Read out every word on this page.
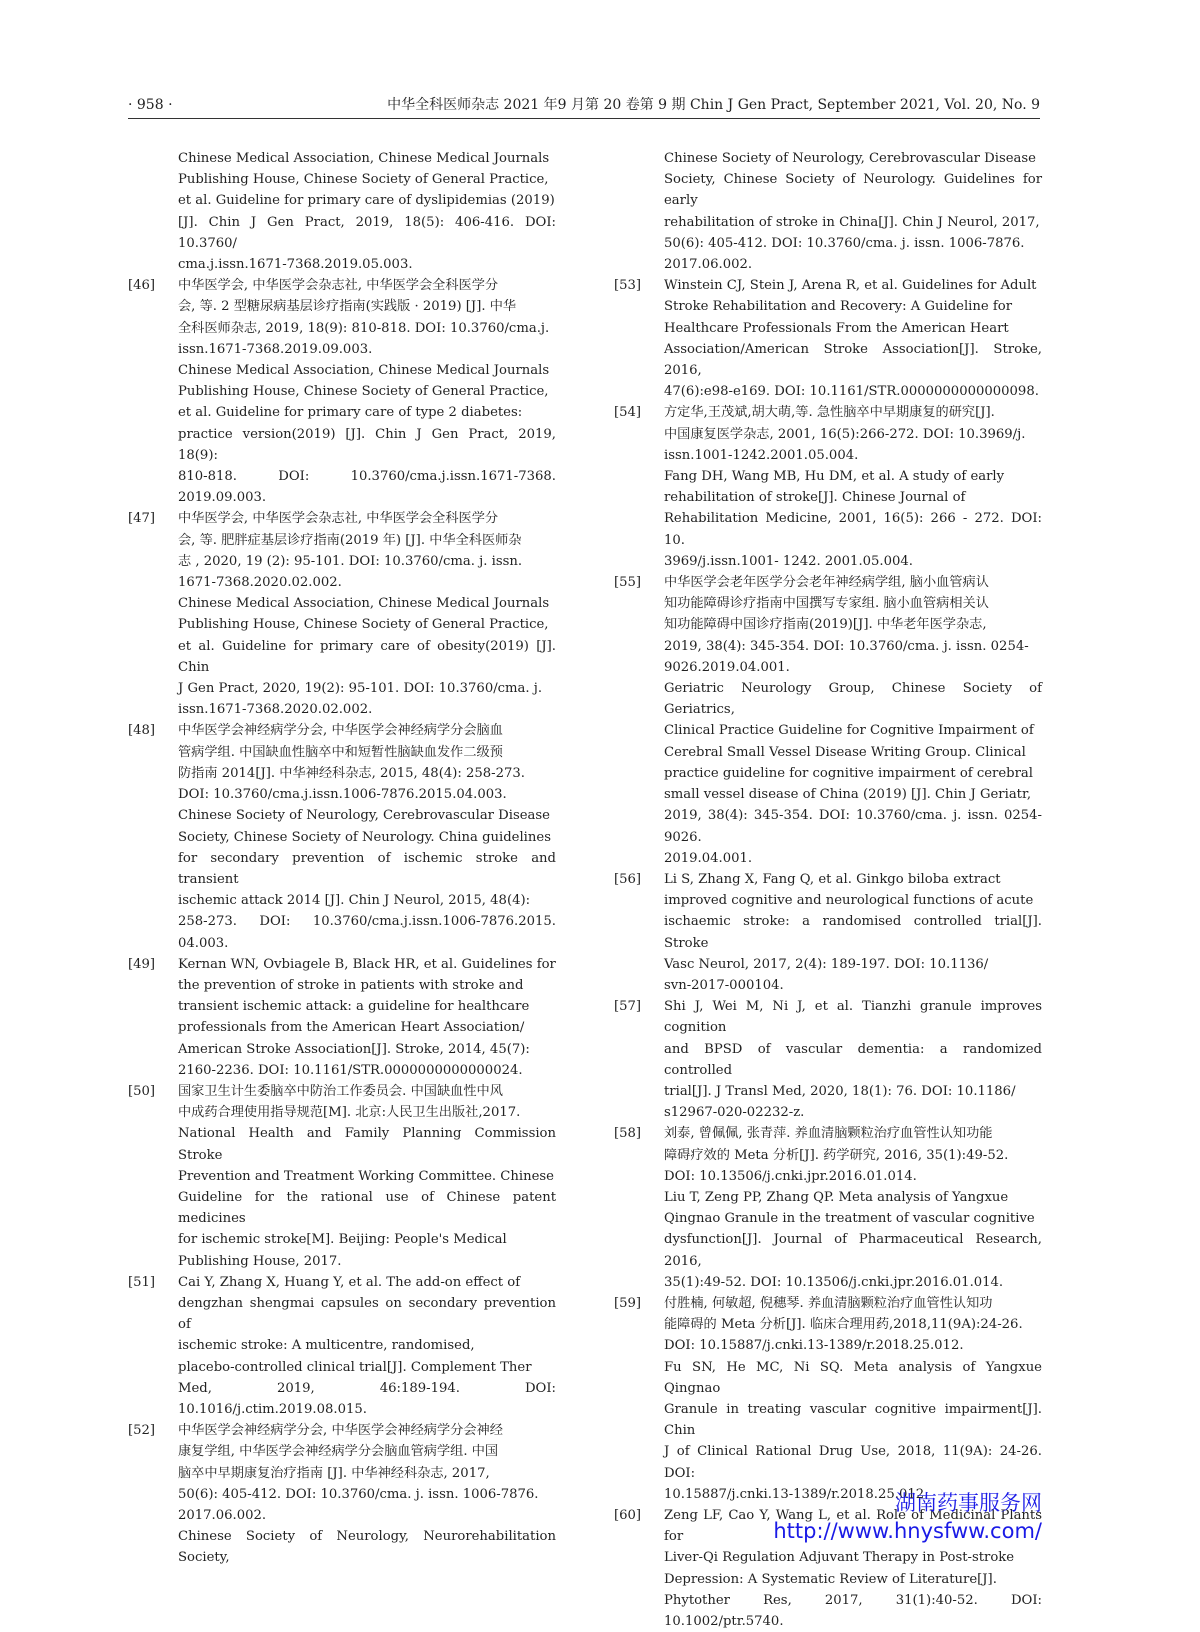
· 958 ·	中华全科医师杂志 2021 年9 月第 20 卷第 9 期 Chin J Gen Pract, September 2021, Vol. 20, No. 9
Chinese Medical Association, Chinese Medical Journals
Publishing House, Chinese Society of General Practice,
et al. Guideline for primary care of dyslipidemias (2019)
[J]. Chin J Gen Pract, 2019, 18(5): 406-416. DOI: 10.3760/
cma.j.issn.1671-7368.2019.05.003.
[46]	中华医学会, 中华医学会杂志社, 中华医学会全科医学分
会, 等. 2 型糖尿病基层诊疗指南(实践版 · 2019) [J]. 中华
全科医师杂志, 2019, 18(9): 810-818. DOI: 10.3760/cma.j.
issn.1671-7368.2019.09.003.
Chinese Medical Association, Chinese Medical Journals
Publishing House, Chinese Society of General Practice,
et al. Guideline for primary care of type 2 diabetes:
practice version(2019) [J]. Chin J Gen Pract, 2019, 18(9):
810-818. DOI: 10.3760/cma.j.issn.1671-7368. 2019.09.003.
[47]	中华医学会, 中华医学会杂志社, 中华医学会全科医学分
会, 等. 肥胖症基层诊疗指南(2019 年) [J]. 中华全科医师杂
志 , 2020, 19 (2): 95-101. DOI: 10.3760/cma. j. issn.
1671-7368.2020.02.002.
Chinese Medical Association, Chinese Medical Journals
Publishing House, Chinese Society of General Practice,
et al. Guideline for primary care of obesity(2019) [J]. Chin
J Gen Pract, 2020, 19(2): 95-101. DOI: 10.3760/cma. j.
issn.1671-7368.2020.02.002.
[48]	中华医学会神经病学分会, 中华医学会神经病学分会脑血
管病学组. 中国缺血性脑卒中和短暂性脑缺血发作二级预
防指南 2014[J]. 中华神经科杂志, 2015, 48(4): 258-273.
DOI: 10.3760/cma.j.issn.1006-7876.2015.04.003.
Chinese Society of Neurology, Cerebrovascular Disease
Society, Chinese Society of Neurology. China guidelines
for secondary prevention of ischemic stroke and transient
ischemic attack 2014 [J]. Chin J Neurol, 2015, 48(4):
258-273. DOI: 10.3760/cma.j.issn.1006-7876.2015. 04.003.
[49]	Kernan WN, Ovbiagele B, Black HR, et al. Guidelines for
the prevention of stroke in patients with stroke and
transient ischemic attack: a guideline for healthcare
professionals from the American Heart Association/
American Stroke Association[J]. Stroke, 2014, 45(7):
2160-2236. DOI: 10.1161/STR.0000000000000024.
[50]	国家卫生计生委脑卒中防治工作委员会. 中国缺血性中风
中成药合理使用指导规范[M]. 北京:人民卫生出版社,2017.
National Health and Family Planning Commission Stroke
Prevention and Treatment Working Committee. Chinese
Guideline for the rational use of Chinese patent medicines
for ischemic stroke[M]. Beijing: People's Medical
Publishing House, 2017.
[51]	Cai Y, Zhang X, Huang Y, et al. The add-on effect of
dengzhan shengmai capsules on secondary prevention of
ischemic stroke: A multicentre, randomised,
placebo-controlled clinical trial[J]. Complement Ther
Med, 2019, 46:189-194. DOI: 10.1016/j.ctim.2019.08.015.
[52]	中华医学会神经病学分会, 中华医学会神经病学分会神经
康复学组, 中华医学会神经病学分会脑血管病学组. 中国
脑卒中早期康复治疗指南 [J]. 中华神经科杂志, 2017,
50(6): 405-412. DOI: 10.3760/cma. j. issn. 1006-7876.
2017.06.002.
Chinese Society of Neurology, Neurorehabilitation Society,
Chinese Society of Neurology, Cerebrovascular Disease
Society, Chinese Society of Neurology. Guidelines for early
rehabilitation of stroke in China[J]. Chin J Neurol, 2017,
50(6): 405-412. DOI: 10.3760/cma. j. issn. 1006-7876.
2017.06.002.
[53]	Winstein CJ, Stein J, Arena R, et al. Guidelines for Adult
Stroke Rehabilitation and Recovery: A Guideline for
Healthcare Professionals From the American Heart
Association/American Stroke Association[J]. Stroke, 2016,
47(6):e98-e169. DOI: 10.1161/STR.0000000000000098.
[54]	方定华,王茂斌,胡大萌,等. 急性脑卒中早期康复的研究[J].
中国康复医学杂志, 2001, 16(5):266-272. DOI: 10.3969/j.
issn.1001-1242.2001.05.004.
Fang DH, Wang MB, Hu DM, et al. A study of early
rehabilitation of stroke[J]. Chinese Journal of
Rehabilitation Medicine, 2001, 16(5): 266 - 272. DOI: 10.
3969/j.issn.1001- 1242. 2001.05.004.
[55]	中华医学会老年医学分会老年神经病学组, 脑小血管病认
知功能障碍诊疗指南中国撰写专家组. 脑小血管病相关认
知功能障碍中国诊疗指南(2019)[J]. 中华老年医学杂志,
2019, 38(4): 345-354. DOI: 10.3760/cma. j. issn. 0254-
9026.2019.04.001.
Geriatric Neurology Group, Chinese Society of Geriatrics,
Clinical Practice Guideline for Cognitive Impairment of
Cerebral Small Vessel Disease Writing Group. Clinical
practice guideline for cognitive impairment of cerebral
small vessel disease of China (2019) [J]. Chin J Geriatr,
2019, 38(4): 345-354. DOI: 10.3760/cma. j. issn. 0254-9026.
2019.04.001.
[56]	Li S, Zhang X, Fang Q, et al. Ginkgo biloba extract
improved cognitive and neurological functions of acute
ischaemic stroke: a randomised controlled trial[J]. Stroke
Vasc Neurol, 2017, 2(4): 189-197. DOI: 10.1136/
svn-2017-000104.
[57]	Shi J, Wei M, Ni J, et al. Tianzhi granule improves cognition
and BPSD of vascular dementia: a randomized controlled
trial[J]. J Transl Med, 2020, 18(1): 76. DOI: 10.1186/
s12967-020-02232-z.
[58]	刘泰, 曾佩佩, 张青萍. 养血清脑颗粒治疗血管性认知功能
障碍疗效的 Meta 分析[J]. 药学研究, 2016, 35(1):49-52.
DOI: 10.13506/j.cnki.jpr.2016.01.014.
Liu T, Zeng PP, Zhang QP. Meta analysis of Yangxue
Qingnao Granule in the treatment of vascular cognitive
dysfunction[J]. Journal of Pharmaceutical Research, 2016,
35(1):49-52. DOI: 10.13506/j.cnki.jpr.2016.01.014.
[59]	付胜楠, 何敏超, 倪穗琴. 养血清脑颗粒治疗血管性认知功
能障碍的 Meta 分析[J]. 临床合理用药,2018,11(9A):24-26.
DOI: 10.15887/j.cnki.13-1389/r.2018.25.012.
Fu SN, He MC, Ni SQ. Meta analysis of Yangxue Qingnao
Granule in treating vascular cognitive impairment[J]. Chin
J of Clinical Rational Drug Use, 2018, 11(9A): 24-26. DOI:
10.15887/j.cnki.13-1389/r.2018.25.012.
[60]	Zeng LF, Cao Y, Wang L, et al. Role of Medicinal Plants for
Liver-Qi Regulation Adjuvant Therapy in Post-stroke
Depression: A Systematic Review of Literature[J].
Phytother Res, 2017, 31(1):40-52. DOI: 10.1002/ptr.5740.
湖南药事服务网
http://www.hnysfww.com/
